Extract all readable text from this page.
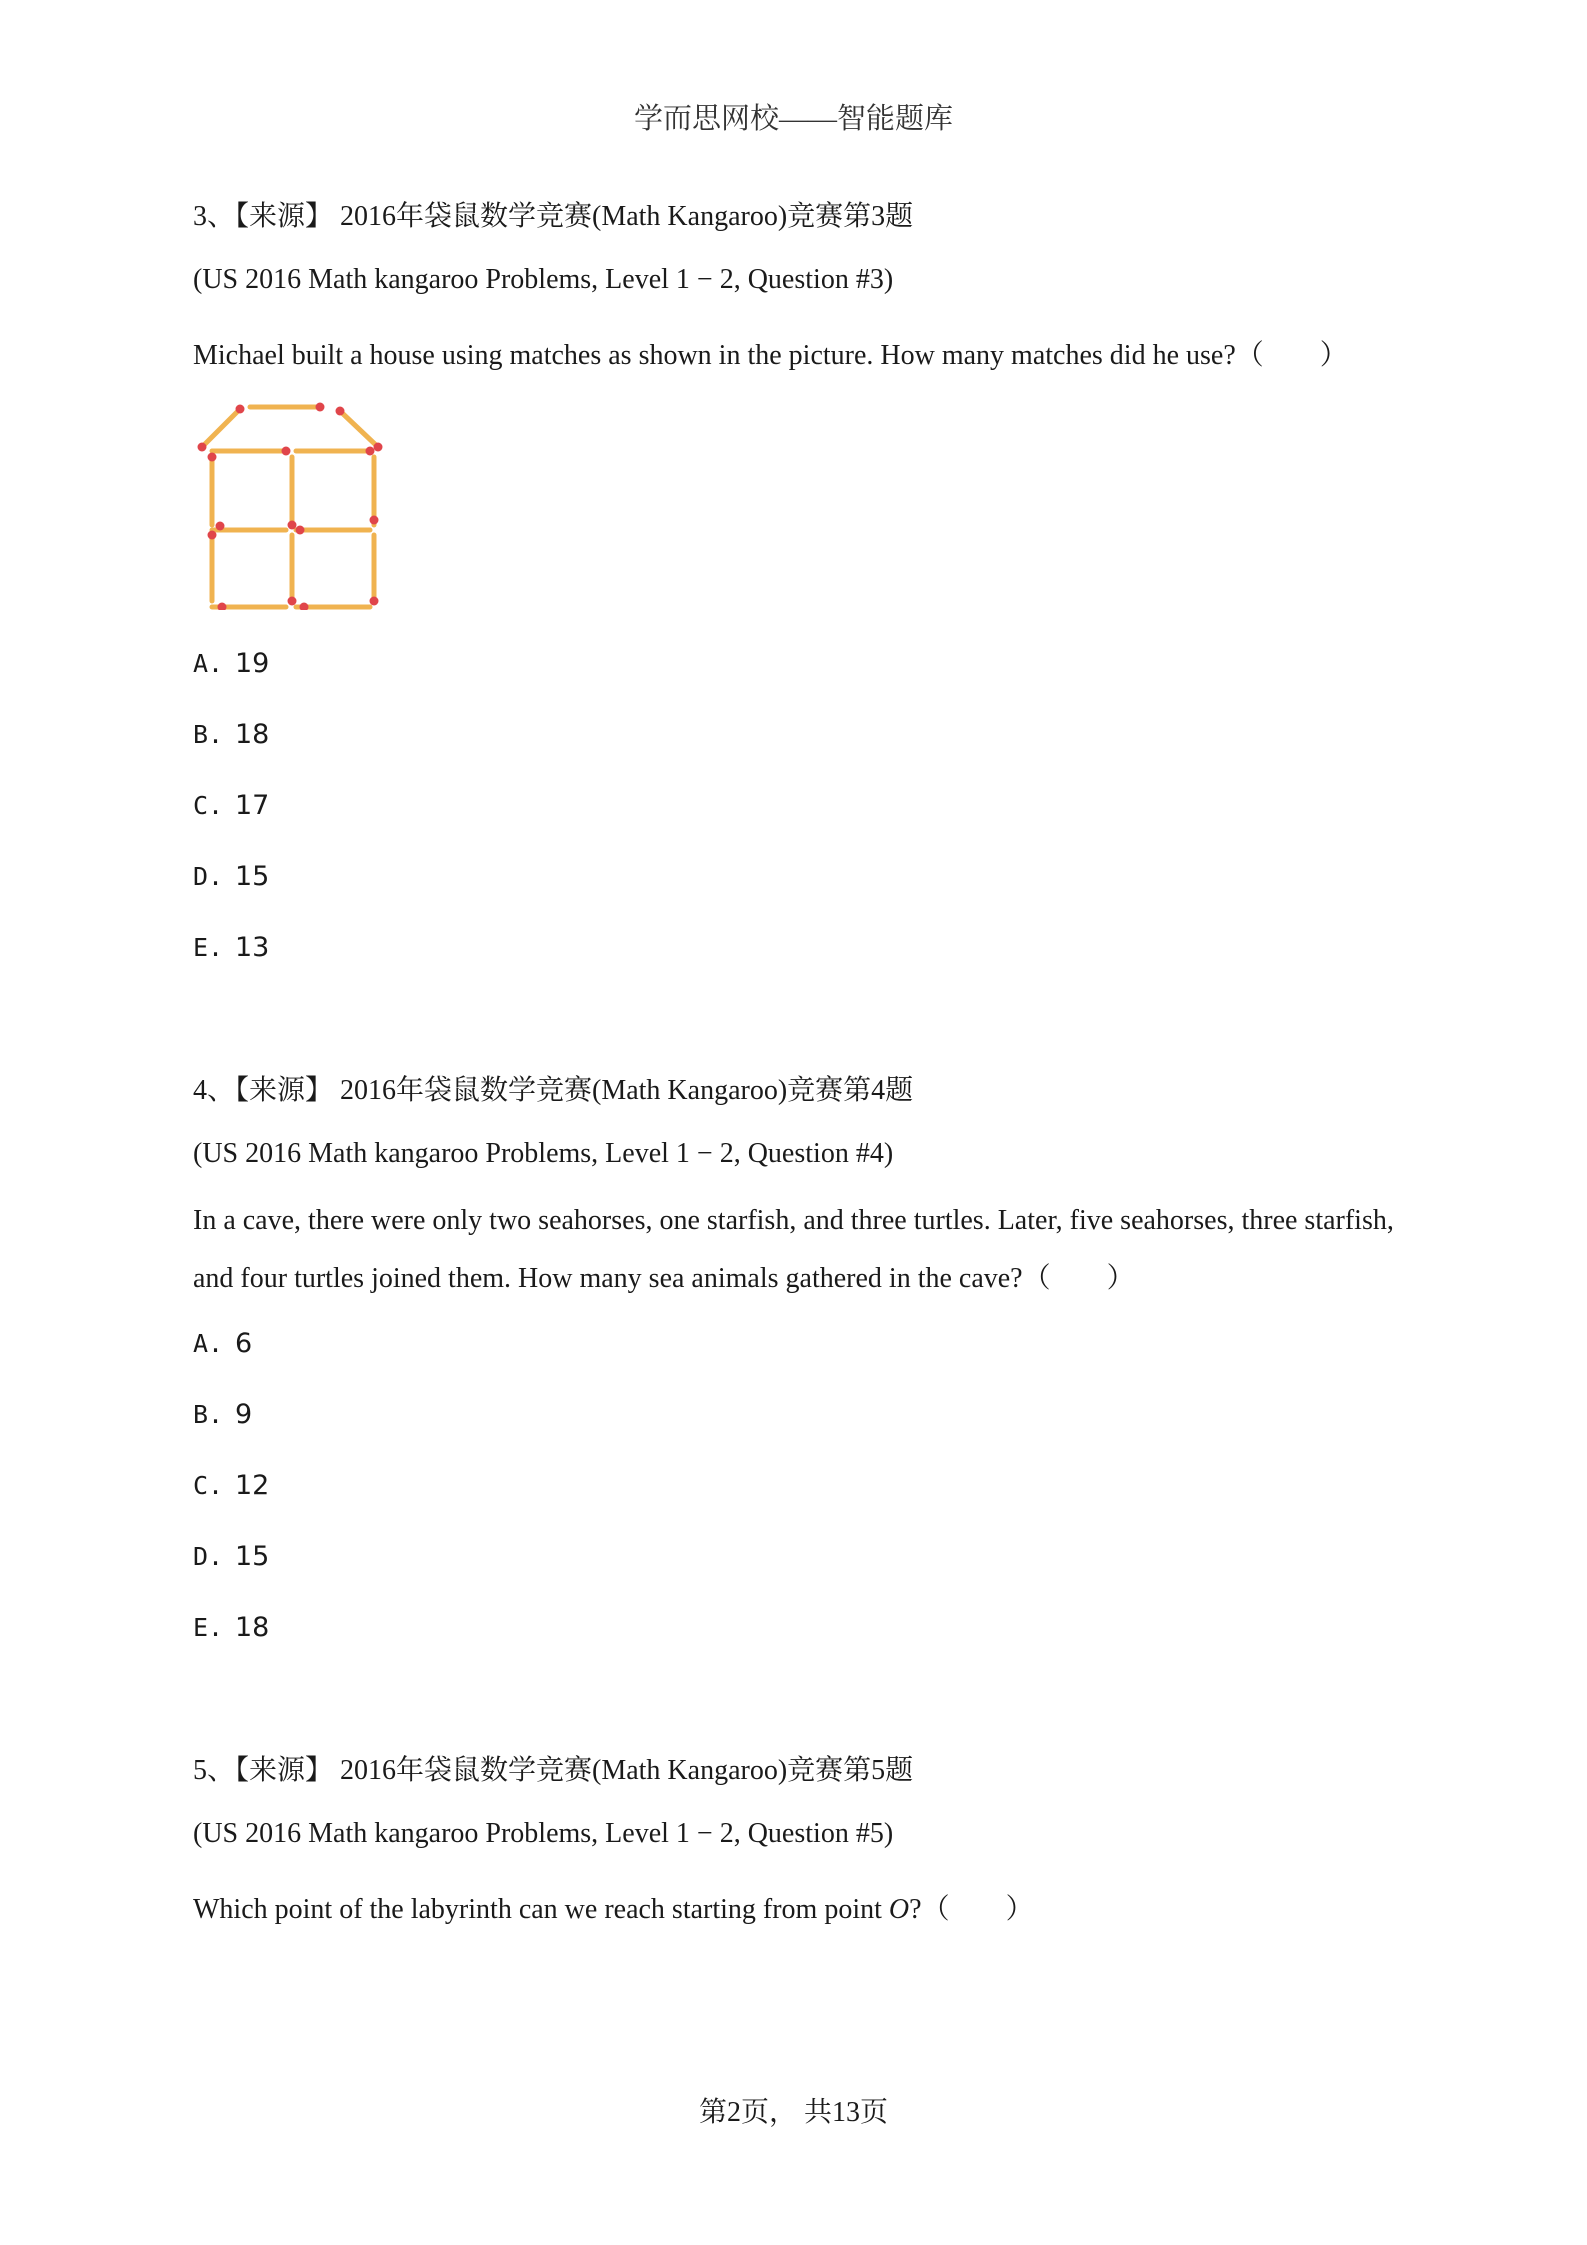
学而思网校——智能题库
3、【来源】 2016年袋鼠数学竞赛(Math Kangaroo)竞赛第3题
(US 2016 Math kangaroo Problems, Level 1 − 2, Question #3)
Michael built a house using matches as shown in the picture. How many matches did he use?（　　）
A. 19
B. 18
C. 17
D. 15
E. 13
4、【来源】 2016年袋鼠数学竞赛(Math Kangaroo)竞赛第4题
(US 2016 Math kangaroo Problems, Level 1 − 2, Question #4)
In a cave, there were only two seahorses, one starfish, and three turtles. Later, five seahorses, three starfish,
and four turtles joined them. How many sea animals gathered in the cave?（　　）
A. 6
B. 9
C. 12
D. 15
E. 18
5、【来源】 2016年袋鼠数学竞赛(Math Kangaroo)竞赛第5题
(US 2016 Math kangaroo Problems, Level 1 − 2, Question #5)
Which point of the labyrinth can we reach starting from point O?（　　）
第2页， 共13页
